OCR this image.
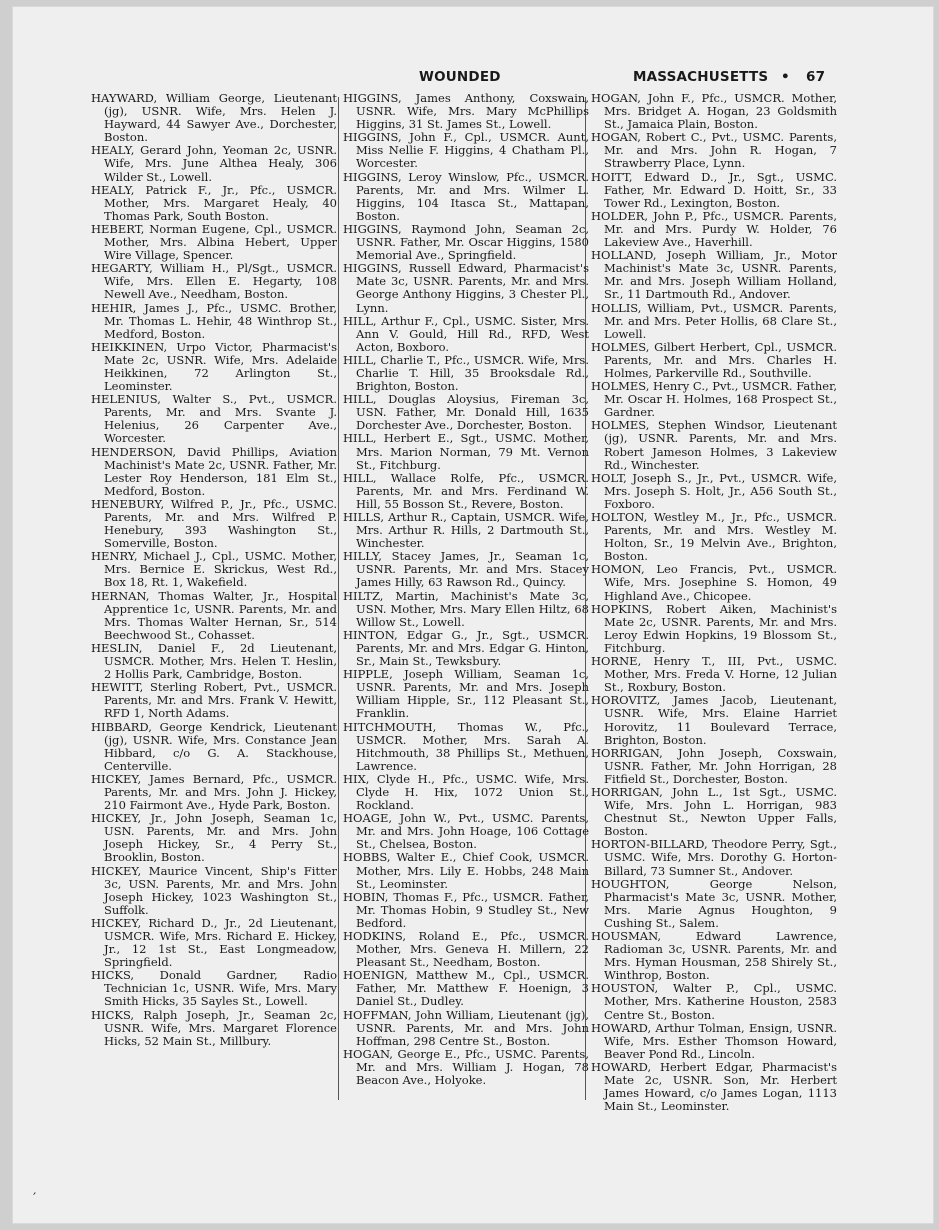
WOUNDED	MASSACHUSETTS • 67

HAYWARD, William George, Lieutenant (jg), USNR. Wife, Mrs. Helen J. Hayward, 44 Sawyer Ave., Dorchester, Boston.

HEALY, Gerard John, Yeoman 2c, USNR. Wife, Mrs. June Althea Healy, 306 Wilder St., Lowell.

HEALY, Patrick F., Jr., Pfc., USMCR. Mother, Mrs. Margaret Healy, 40 Thomas Park, South Boston.

HEBERT, Norman Eugene, Cpl., USMCR. Mother, Mrs. Albina Hebert, Upper Wire Village, Spencer.

HEGARTY, William H., Pl/Sgt., USMCR. Wife, Mrs. Ellen E. Hegarty, 108 Newell Ave., Needham, Boston.

HEHIR, James J., Pfc., USMC. Brother, Mr. Thomas L. Hehir, 48 Winthrop St., Medford, Boston.

HEIKKINEN, Urpo Victor, Pharmacist's Mate 2c, USNR. Wife, Mrs. Adelaide Heikkinen, 72 Arlington St., Leominster.

HELENIUS, Walter S., Pvt., USMCR. Parents, Mr. and Mrs. Svante J. Helenius, 26 Carpenter Ave., Worcester.

HENDERSON, David Phillips, Aviation Machinist's Mate 2c, USNR. Father, Mr. Lester Roy Henderson, 181 Elm St., Medford, Boston.

HENEBURY, Wilfred P., Jr., Pfc., USMC. Parents, Mr. and Mrs. Wilfred P. Henebury, 393 Washington St., Somerville, Boston.

HENRY, Michael J., Cpl., USMC. Mother, Mrs. Bernice E. Skrickus, West Rd., Box 18, Rt. 1, Wakefield.

HERNAN, Thomas Walter, Jr., Hospital Apprentice 1c, USNR. Parents, Mr. and Mrs. Thomas Walter Hernan, Sr., 514 Beechwood St., Cohasset.

HESLIN, Daniel F., 2d Lieutenant, USMCR. Mother, Mrs. Helen T. Heslin, 2 Hollis Park, Cambridge, Boston.

HEWITT, Sterling Robert, Pvt., USMCR. Parents, Mr. and Mrs. Frank V. Hewitt, RFD 1, North Adams.

HIBBARD, George Kendrick, Lieutenant (jg), USNR. Wife, Mrs. Constance Jean Hibbard, c/o G. A. Stackhouse, Centerville.

HICKEY, James Bernard, Pfc., USMCR. Parents, Mr. and Mrs. John J. Hickey, 210 Fairmont Ave., Hyde Park, Boston.

HICKEY, Jr., John Joseph, Seaman 1c, USN. Parents, Mr. and Mrs. John Joseph Hickey, Sr., 4 Perry St., Brooklin, Boston.

HICKEY, Maurice Vincent, Ship's Fitter 3c, USN. Parents, Mr. and Mrs. John Joseph Hickey, 1023 Washington St., Suffolk.

HICKEY, Richard D., Jr., 2d Lieutenant, USMCR. Wife, Mrs. Richard E. Hickey, Jr., 12 1st St., East Longmeadow, Springfield.

HICKS, Donald Gardner, Radio Technician 1c, USNR. Wife, Mrs. Mary Smith Hicks, 35 Sayles St., Lowell.

HICKS, Ralph Joseph, Jr., Seaman 2c, USNR. Wife, Mrs. Margaret Florence Hicks, 52 Main St., Millbury.

HIGGINS, James Anthony, Coxswain, USNR. Wife, Mrs. Mary McPhillips Higgins, 31 St. James St., Lowell.

HIGGINS, John F., Cpl., USMCR. Aunt, Miss Nellie F. Higgins, 4 Chatham Pl., Worcester.

HIGGINS, Leroy Winslow, Pfc., USMCR. Parents, Mr. and Mrs. Wilmer L. Higgins, 104 Itasca St., Mattapan, Boston.

HIGGINS, Raymond John, Seaman 2c, USNR. Father, Mr. Oscar Higgins, 1580 Memorial Ave., Springfield.

HIGGINS, Russell Edward, Pharmacist's Mate 3c, USNR. Parents, Mr. and Mrs. George Anthony Higgins, 3 Chester Pl., Lynn.

HILL, Arthur F., Cpl., USMC. Sister, Mrs. Ann V. Gould, Hill Rd., RFD, West Acton, Boxboro.

HILL, Charlie T., Pfc., USMCR. Wife, Mrs. Charlie T. Hill, 35 Brooksdale Rd., Brighton, Boston.

HILL, Douglas Aloysius, Fireman 3c, USN. Father, Mr. Donald Hill, 1635 Dorchester Ave., Dorchester, Boston.

HILL, Herbert E., Sgt., USMC. Mother, Mrs. Marion Norman, 79 Mt. Vernon St., Fitchburg.

HILL, Wallace Rolfe, Pfc., USMCR. Parents, Mr. and Mrs. Ferdinand W. Hill, 55 Bosson St., Revere, Boston.

HILLS, Arthur R., Captain, USMCR. Wife, Mrs. Arthur R. Hills, 2 Dartmouth St., Winchester.

HILLY, Stacey James, Jr., Seaman 1c, USNR. Parents, Mr. and Mrs. Stacey James Hilly, 63 Rawson Rd., Quincy.

HILTZ, Martin, Machinist's Mate 3c, USN. Mother, Mrs. Mary Ellen Hiltz, 68 Willow St., Lowell.

HINTON, Edgar G., Jr., Sgt., USMCR. Parents, Mr. and Mrs. Edgar G. Hinton, Sr., Main St., Tewksbury.

HIPPLE, Joseph William, Seaman 1c, USNR. Parents, Mr. and Mrs. Joseph William Hipple, Sr., 112 Pleasant St., Franklin.

HITCHMOUTH, Thomas W., Pfc., USMCR. Mother, Mrs. Sarah A. Hitchmouth, 38 Phillips St., Methuen, Lawrence.

HIX, Clyde H., Pfc., USMC. Wife, Mrs. Clyde H. Hix, 1072 Union St., Rockland.

HOAGE, John W., Pvt., USMC. Parents, Mr. and Mrs. John Hoage, 106 Cottage St., Chelsea, Boston.

HOBBS, Walter E., Chief Cook, USMCR. Mother, Mrs. Lily E. Hobbs, 248 Main St., Leominster.

HOBIN, Thomas F., Pfc., USMCR. Father, Mr. Thomas Hobin, 9 Studley St., New Bedford.

HODKINS, Roland E., Pfc., USMCR. Mother, Mrs. Geneva H. Millern, 22 Pleasant St., Needham, Boston.

HOENIGN, Matthew M., Cpl., USMCR. Father, Mr. Matthew F. Hoenign, 3 Daniel St., Dudley.

HOFFMAN, John William, Lieutenant (jg), USNR. Parents, Mr. and Mrs. John Hoffman, 298 Centre St., Boston.

HOGAN, George E., Pfc., USMC. Parents, Mr. and Mrs. William J. Hogan, 78 Beacon Ave., Holyoke.

HOGAN, John F., Pfc., USMCR. Mother, Mrs. Bridget A. Hogan, 23 Goldsmith St., Jamaica Plain, Boston.

HOGAN, Robert C., Pvt., USMC. Parents, Mr. and Mrs. John R. Hogan, 7 Strawberry Place, Lynn.

HOITT, Edward D., Jr., Sgt., USMC. Father, Mr. Edward D. Hoitt, Sr., 33 Tower Rd., Lexington, Boston.

HOLDER, John P., Pfc., USMCR. Parents, Mr. and Mrs. Purdy W. Holder, 76 Lakeview Ave., Haverhill.

HOLLAND, Joseph William, Jr., Motor Machinist's Mate 3c, USNR. Parents, Mr. and Mrs. Joseph William Holland, Sr., 11 Dartmouth Rd., Andover.

HOLLIS, William, Pvt., USMCR. Parents, Mr. and Mrs. Peter Hollis, 68 Clare St., Lowell.

HOLMES, Gilbert Herbert, Cpl., USMCR. Parents, Mr. and Mrs. Charles H. Holmes, Parkerville Rd., Southville.

HOLMES, Henry C., Pvt., USMCR. Father, Mr. Oscar H. Holmes, 168 Prospect St., Gardner.

HOLMES, Stephen Windsor, Lieutenant (jg), USNR. Parents, Mr. and Mrs. Robert Jameson Holmes, 3 Lakeview Rd., Winchester.

HOLT, Joseph S., Jr., Pvt., USMCR. Wife, Mrs. Joseph S. Holt, Jr., A56 South St., Foxboro.

HOLTON, Westley M., Jr., Pfc., USMCR. Parents, Mr. and Mrs. Westley M. Holton, Sr., 19 Melvin Ave., Brighton, Boston.

HOMON, Leo Francis, Pvt., USMCR. Wife, Mrs. Josephine S. Homon, 49 Highland Ave., Chicopee.

HOPKINS, Robert Aiken, Machinist's Mate 2c, USNR. Parents, Mr. and Mrs. Leroy Edwin Hopkins, 19 Blossom St., Fitchburg.

HORNE, Henry T., III, Pvt., USMC. Mother, Mrs. Freda V. Horne, 12 Julian St., Roxbury, Boston.

HOROVITZ, James Jacob, Lieutenant, USNR. Wife, Mrs. Elaine Harriet Horovitz, 11 Boulevard Terrace, Brighton, Boston.

HORRIGAN, John Joseph, Coxswain, USNR. Father, Mr. John Horrigan, 28 Fitfield St., Dorchester, Boston.

HORRIGAN, John L., 1st Sgt., USMC. Wife, Mrs. John L. Horrigan, 983 Chestnut St., Newton Upper Falls, Boston.

HORTON-BILLARD, Theodore Perry, Sgt., USMC. Wife, Mrs. Dorothy G. Horton-Billard, 73 Sumner St., Andover.

HOUGHTON, George Nelson, Pharmacist's Mate 3c, USNR. Mother, Mrs. Marie Agnus Houghton, 9 Cushing St., Salem.

HOUSMAN, Edward Lawrence, Radioman 3c, USNR. Parents, Mr. and Mrs. Hyman Housman, 258 Shirely St., Winthrop, Boston.

HOUSTON, Walter P., Cpl., USMC. Mother, Mrs. Katherine Houston, 2583 Centre St., Boston.

HOWARD, Arthur Tolman, Ensign, USNR. Wife, Mrs. Esther Thomson Howard, Beaver Pond Rd., Lincoln.

HOWARD, Herbert Edgar, Pharmacist's Mate 2c, USNR. Son, Mr. Herbert James Howard, c/o James Logan, 1113 Main St., Leominster.

′
